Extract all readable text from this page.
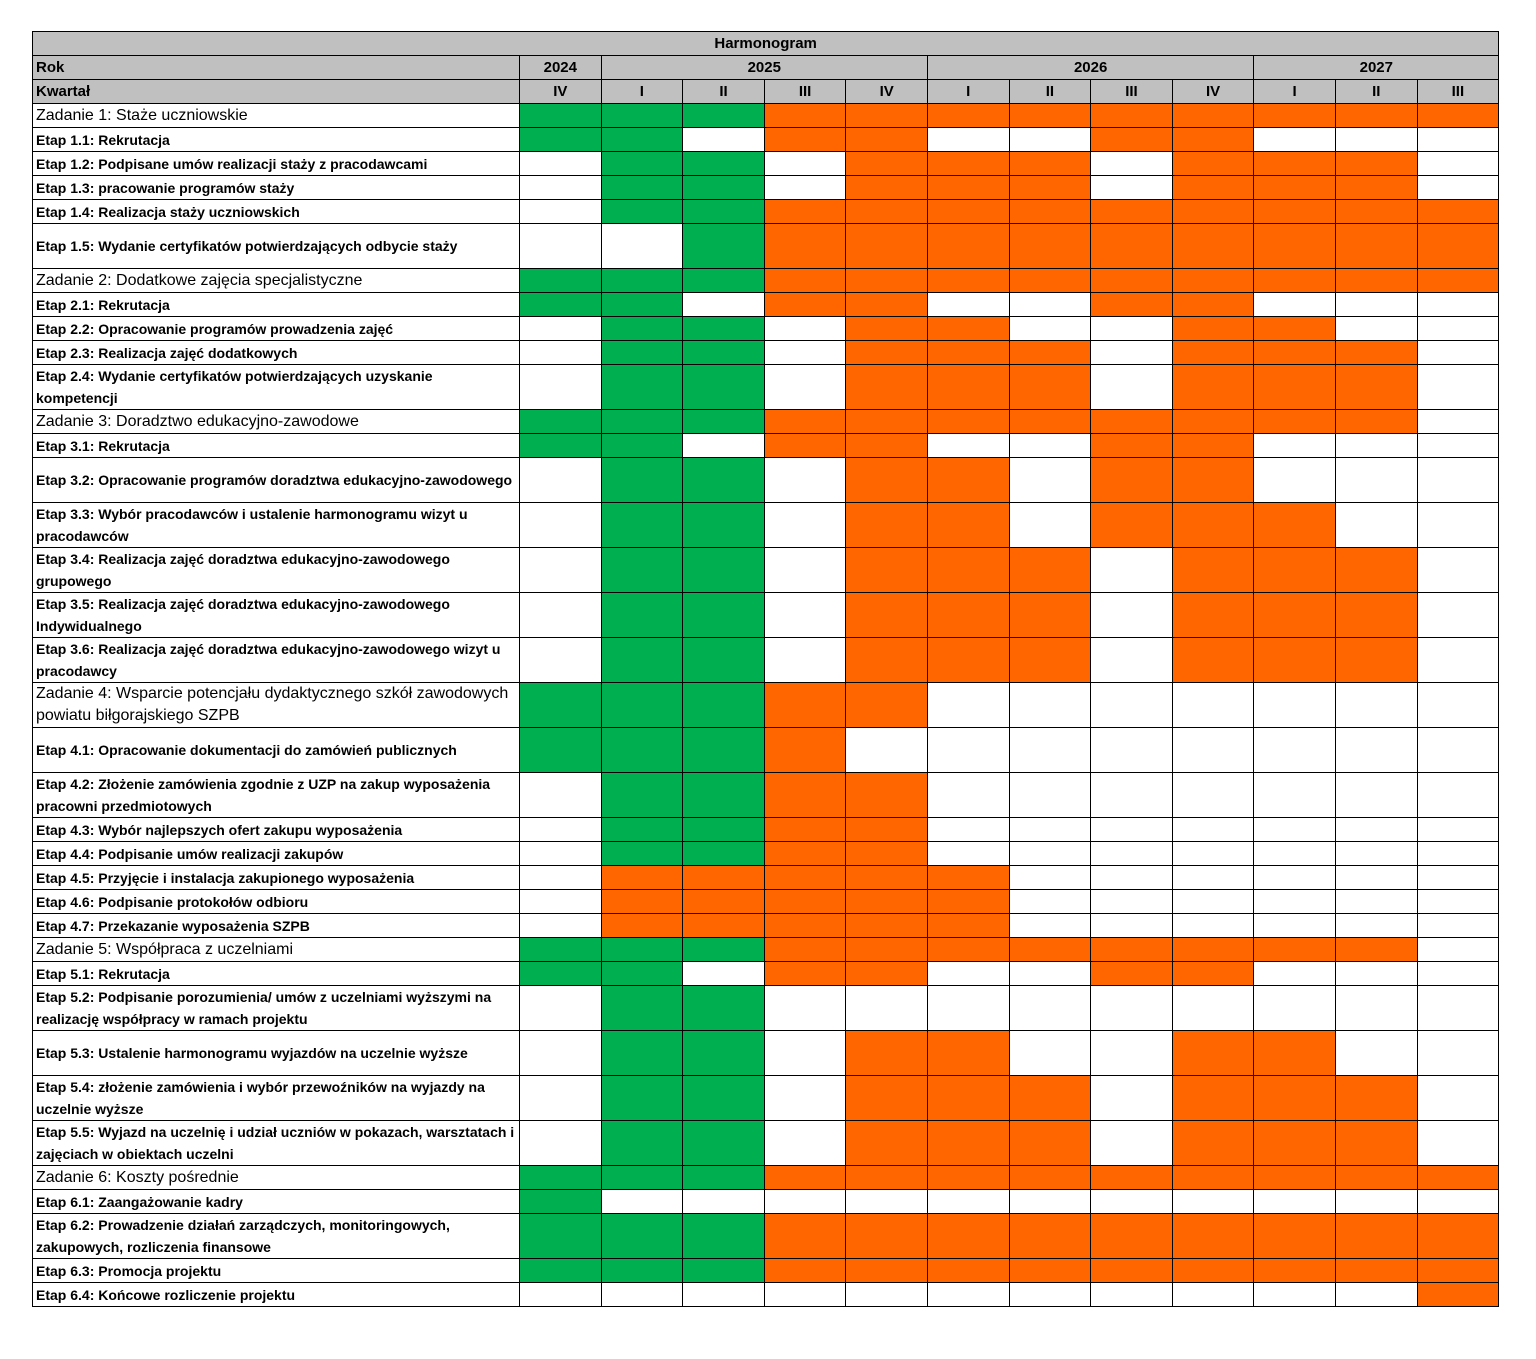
Harmonogram												
Rok	2024	2025				2026				2027		
Kwartał	IV	I	II	III	IV	I	II	III	IV	I	II	III
Zadanie 1: Staże uczniowskie												
Etap 1.1: Rekrutacja												
Etap 1.2: Podpisane umów realizacji staży z pracodawcami												
Etap 1.3: pracowanie programów staży												
Etap 1.4: Realizacja staży uczniowskich												
Etap 1.5: Wydanie certyfikatów potwierdzających odbycie staży												
Zadanie 2: Dodatkowe zajęcia specjalistyczne												
Etap 2.1: Rekrutacja												
Etap 2.2: Opracowanie programów prowadzenia zajęć												
Etap 2.3: Realizacja zajęć dodatkowych												
Etap 2.4: Wydanie certyfikatów potwierdzających uzyskanie kompetencji												
Zadanie 3: Doradztwo edukacyjno-zawodowe												
Etap 3.1: Rekrutacja												
Etap 3.2: Opracowanie programów doradztwa edukacyjno-zawodowego												
Etap 3.3: Wybór pracodawców i ustalenie harmonogramu wizyt u pracodawców												
Etap 3.4: Realizacja zajęć doradztwa edukacyjno-zawodowego grupowego												
Etap 3.5: Realizacja zajęć doradztwa edukacyjno-zawodowego Indywidualnego												
Etap 3.6: Realizacja zajęć doradztwa edukacyjno-zawodowego wizyt u pracodawcy												
Zadanie 4: Wsparcie potencjału dydaktycznego szkół zawodowych powiatu biłgorajskiego SZPB												
Etap 4.1: Opracowanie dokumentacji do zamówień publicznych												
Etap 4.2: Złożenie zamówienia zgodnie z UZP na zakup wyposażenia pracowni przedmiotowych												
Etap 4.3: Wybór najlepszych ofert zakupu wyposażenia												
Etap 4.4: Podpisanie umów realizacji zakupów												
Etap 4.5: Przyjęcie i instalacja zakupionego wyposażenia												
Etap 4.6: Podpisanie protokołów odbioru												
Etap 4.7: Przekazanie wyposażenia SZPB												
Zadanie 5: Współpraca z uczelniami												
Etap 5.1: Rekrutacja												
Etap 5.2: Podpisanie porozumienia/ umów z uczelniami wyższymi na realizację współpracy w ramach projektu												
Etap 5.3: Ustalenie harmonogramu wyjazdów na uczelnie wyższe												
Etap 5.4: złożenie zamówienia i wybór przewoźników na wyjazdy na uczelnie wyższe												
Etap 5.5: Wyjazd na uczelnię i udział uczniów w pokazach, warsztatach i zajęciach w obiektach uczelni												
Zadanie 6: Koszty pośrednie												
Etap 6.1: Zaangażowanie kadry												
Etap 6.2: Prowadzenie działań zarządczych, monitoringowych, zakupowych, rozliczenia finansowe												
Etap 6.3: Promocja projektu												
Etap 6.4: Końcowe rozliczenie projektu												
